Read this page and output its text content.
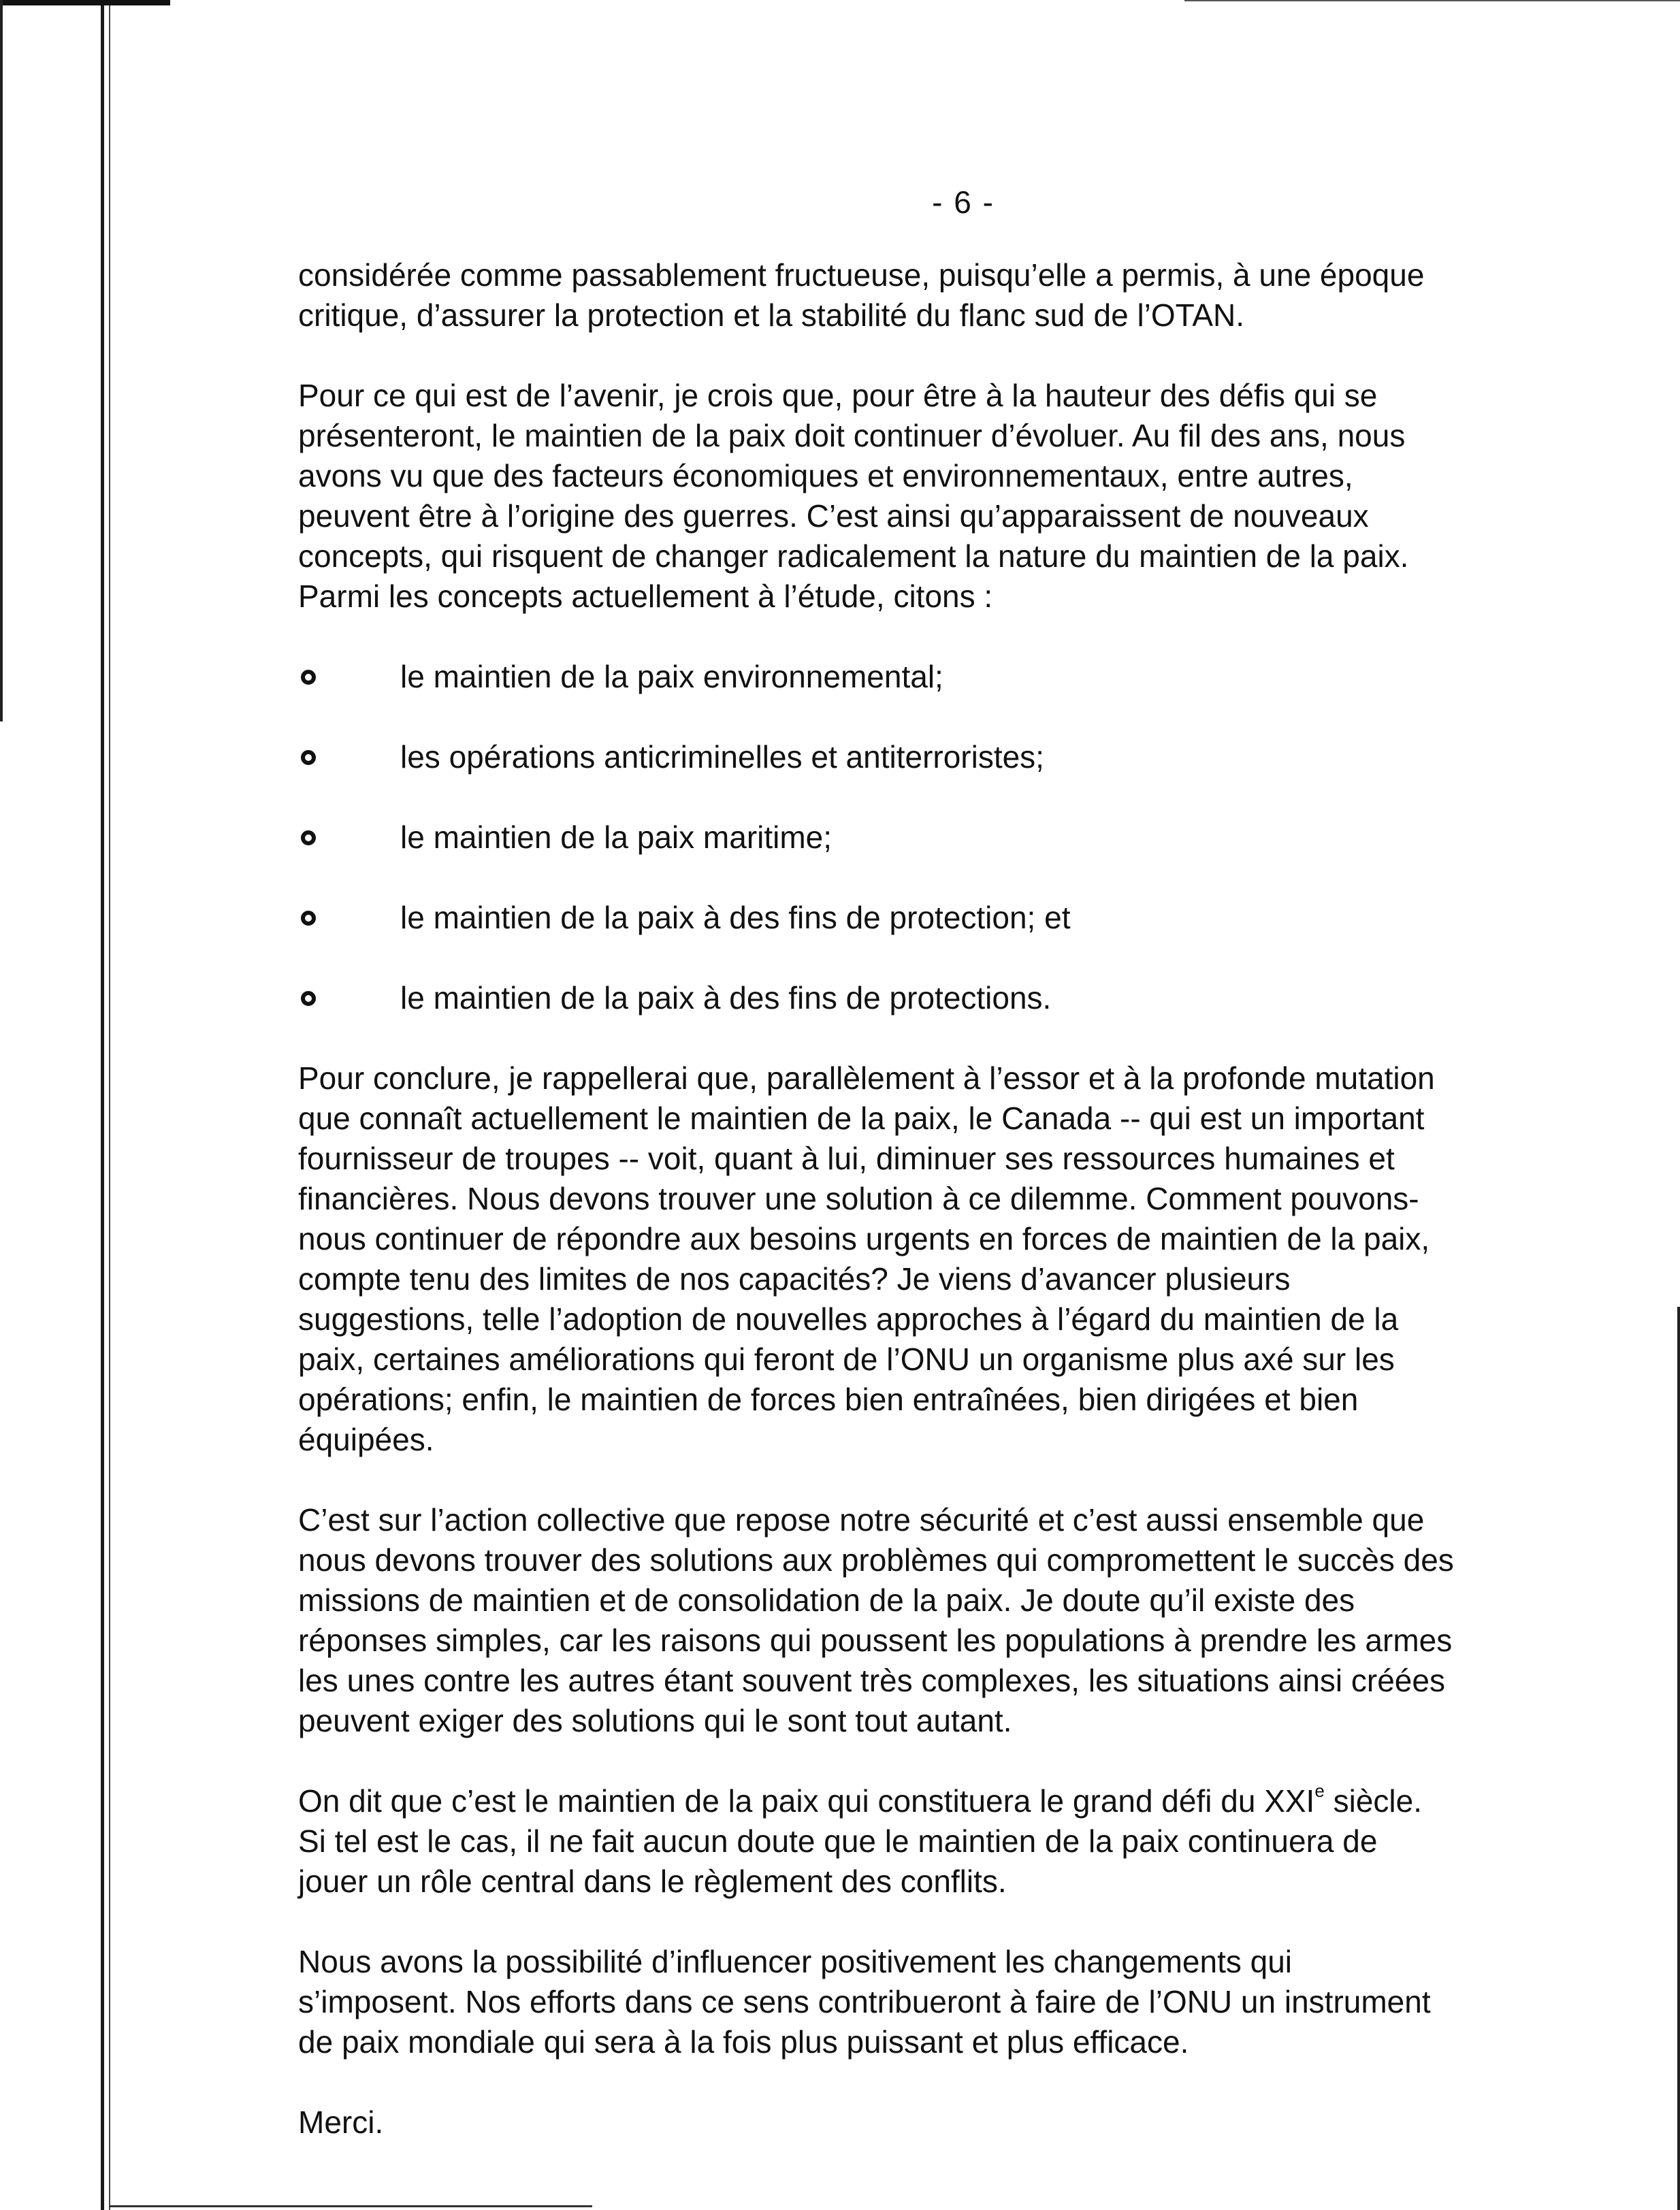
- 6 -

considérée comme passablement fructueuse, puisqu’elle a permis, à une époque
critique, d’assurer la protection et la stabilité du flanc sud de l’OTAN.

Pour ce qui est de l’avenir, je crois que, pour être à la hauteur des défis qui se
présenteront, le maintien de la paix doit continuer d’évoluer. Au fil des ans, nous
avons vu que des facteurs économiques et environnementaux, entre autres,
peuvent être à l’origine des guerres. C’est ainsi qu’apparaissent de nouveaux
concepts, qui risquent de changer radicalement la nature du maintien de la paix.
Parmi les concepts actuellement à l’étude, citons :

le maintien de la paix environnemental;
les opérations anticriminelles et antiterroristes;
le maintien de la paix maritime;
le maintien de la paix à des fins de protection; et
le maintien de la paix à des fins de protections.

Pour conclure, je rappellerai que, parallèlement à l’essor et à la profonde mutation
que connaît actuellement le maintien de la paix, le Canada -- qui est un important
fournisseur de troupes -- voit, quant à lui, diminuer ses ressources humaines et
financières. Nous devons trouver une solution à ce dilemme. Comment pouvons-
nous continuer de répondre aux besoins urgents en forces de maintien de la paix,
compte tenu des limites de nos capacités? Je viens d’avancer plusieurs
suggestions, telle l’adoption de nouvelles approches à l’égard du maintien de la
paix, certaines améliorations qui feront de l’ONU un organisme plus axé sur les
opérations; enfin, le maintien de forces bien entraînées, bien dirigées et bien
équipées.

C’est sur l’action collective que repose notre sécurité et c’est aussi ensemble que
nous devons trouver des solutions aux problèmes qui compromettent le succès des
missions de maintien et de consolidation de la paix. Je doute qu’il existe des
réponses simples, car les raisons qui poussent les populations à prendre les armes
les unes contre les autres étant souvent très complexes, les situations ainsi créées
peuvent exiger des solutions qui le sont tout autant.

On dit que c’est le maintien de la paix qui constituera le grand défi du XXIe siècle.
Si tel est le cas, il ne fait aucun doute que le maintien de la paix continuera de
jouer un rôle central dans le règlement des conflits.

Nous avons la possibilité d’influencer positivement les changements qui
s’imposent. Nos efforts dans ce sens contribueront à faire de l’ONU un instrument
de paix mondiale qui sera à la fois plus puissant et plus efficace.

Merci.
